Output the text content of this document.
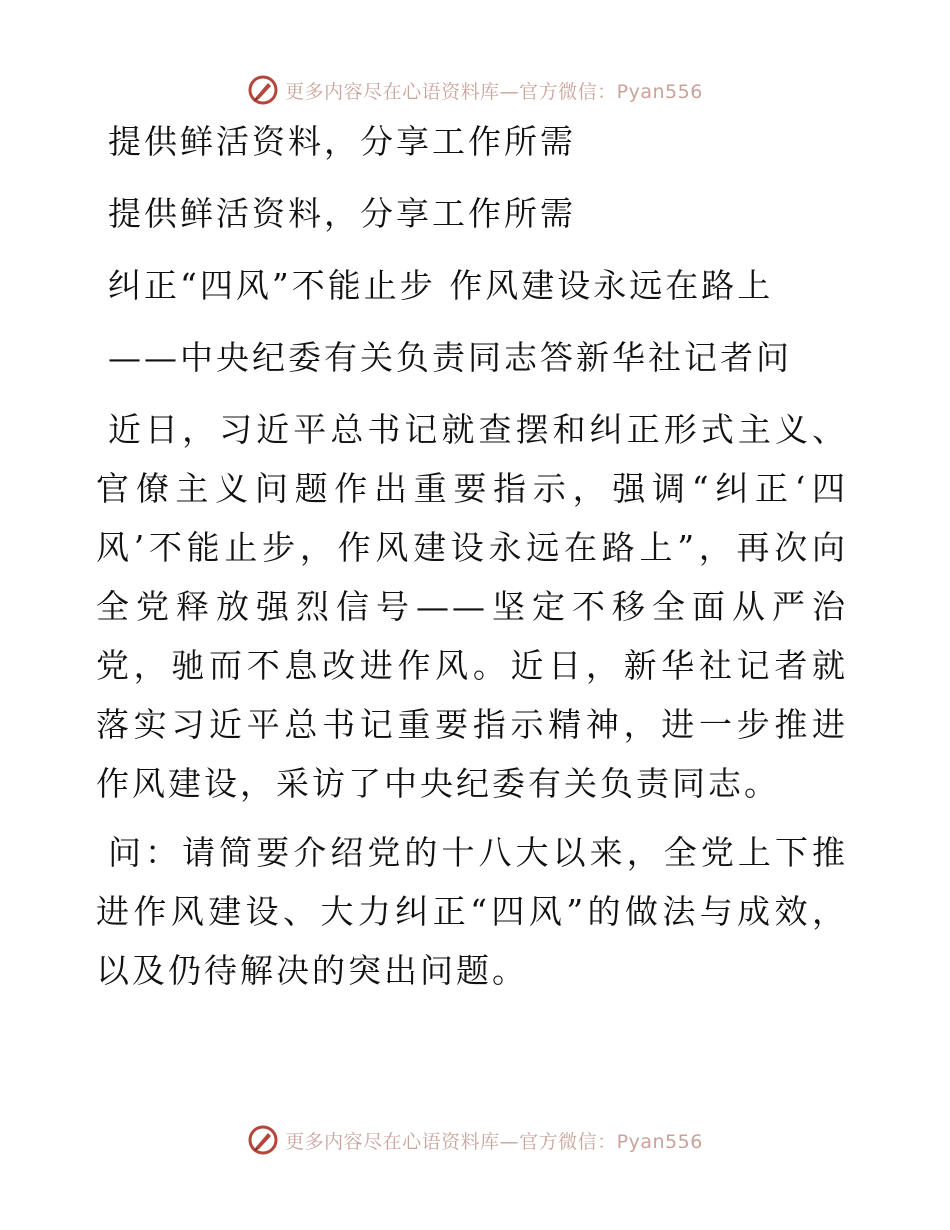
更多内容尽在心语资料库—官方微信：Pyan556

提供鲜活资料，分享工作所需

提供鲜活资料，分享工作所需

纠正“四风”不能止步 作风建设永远在路上

——中央纪委有关负责同志答新华社记者问

近日，习近平总书记就查摆和纠正形式主义、官僚主义问题作出重要指示，强调“纠正‘四风’不能止步，作风建设永远在路上”，再次向全党释放强烈信号——坚定不移全面从严治党，驰而不息改进作风。近日，新华社记者就落实习近平总书记重要指示精神，进一步推进作风建设，采访了中央纪委有关负责同志。

问：请简要介绍党的十八大以来，全党上下推进作风建设、大力纠正“四风”的做法与成效，以及仍待解决的突出问题。

更多内容尽在心语资料库—官方微信：Pyan556
